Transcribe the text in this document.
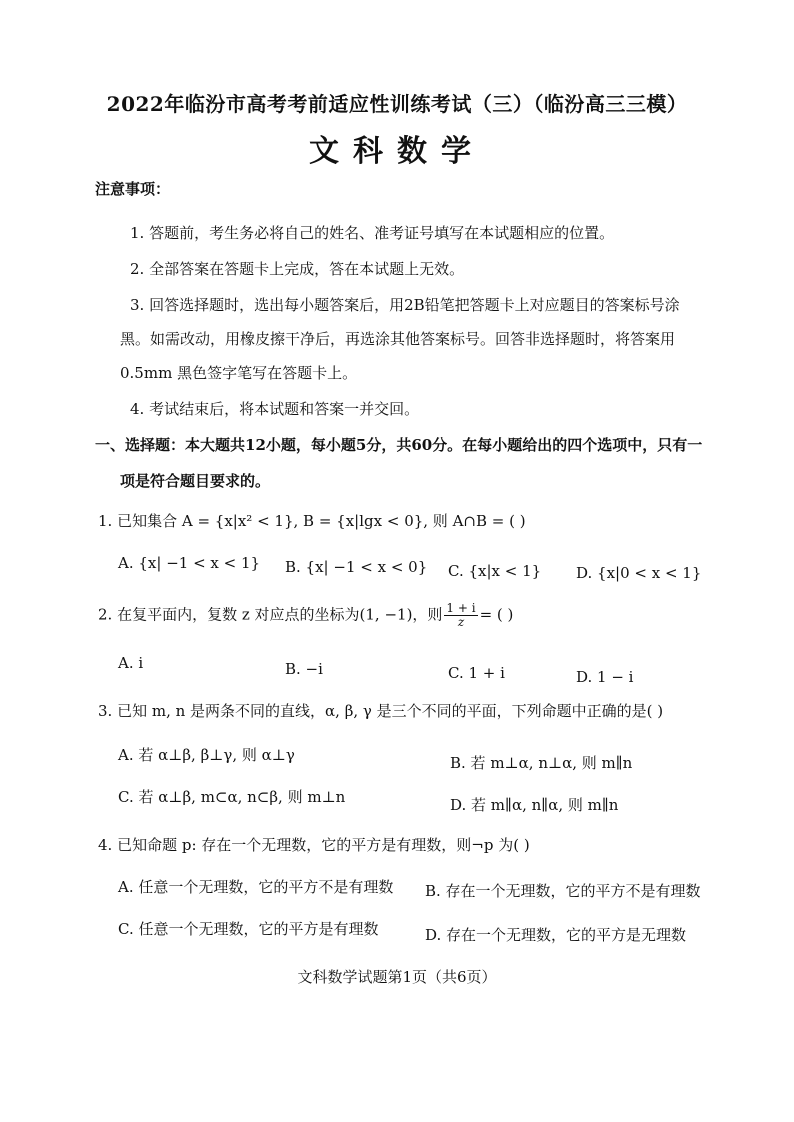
2022年临汾市高考考前适应性训练考试（三）（临汾高三三模）
文科数学
注意事项：
1. 答题前，考生务必将自己的姓名、准考证号填写在本试题相应的位置。
2. 全部答案在答题卡上完成，答在本试题上无效。
3. 回答选择题时，选出每小题答案后，用2B铅笔把答题卡上对应题目的答案标号涂
黑。如需改动，用橡皮擦干净后，再选涂其他答案标号。回答非选择题时，将答案用
0.5mm 黑色签字笔写在答题卡上。
4. 考试结束后，将本试题和答案一并交回。
一、选择题：本大题共12小题，每小题5分，共60分。在每小题给出的四个选项中，只有一
项是符合题目要求的。
1. 已知集合 A = {x|x² < 1}, B = {x|lgx < 0}, 则 A∩B = ( )
A. {x| −1 < x < 1} B. {x| −1 < x < 0} C. {x|x < 1} D. {x|0 < x < 1}
2. 在复平面内，复数 z 对应点的坐标为(1, −1)，则 $\frac{1 + i}{z}$ = ( )
A. i	B. −i	C. 1 + i	D. 1 − i
3. 已知 m, n 是两条不同的直线，α, β, γ 是三个不同的平面，下列命题中正确的是( )
A. 若 α⊥β, β⊥γ, 则 α⊥γ	B. 若 m⊥α, n⊥α, 则 m∥n
C. 若 α⊥β, m⊂α, n⊂β, 则 m⊥n	D. 若 m∥α, n∥α, 则 m∥n
4. 已知命题 p: 存在一个无理数，它的平方是有理数，则¬p 为( )
A. 任意一个无理数，它的平方不是有理数 B. 存在一个无理数，它的平方不是有理数
C. 任意一个无理数，它的平方是有理数	D. 存在一个无理数，它的平方是无理数
文科数学试题第1页（共6页）
